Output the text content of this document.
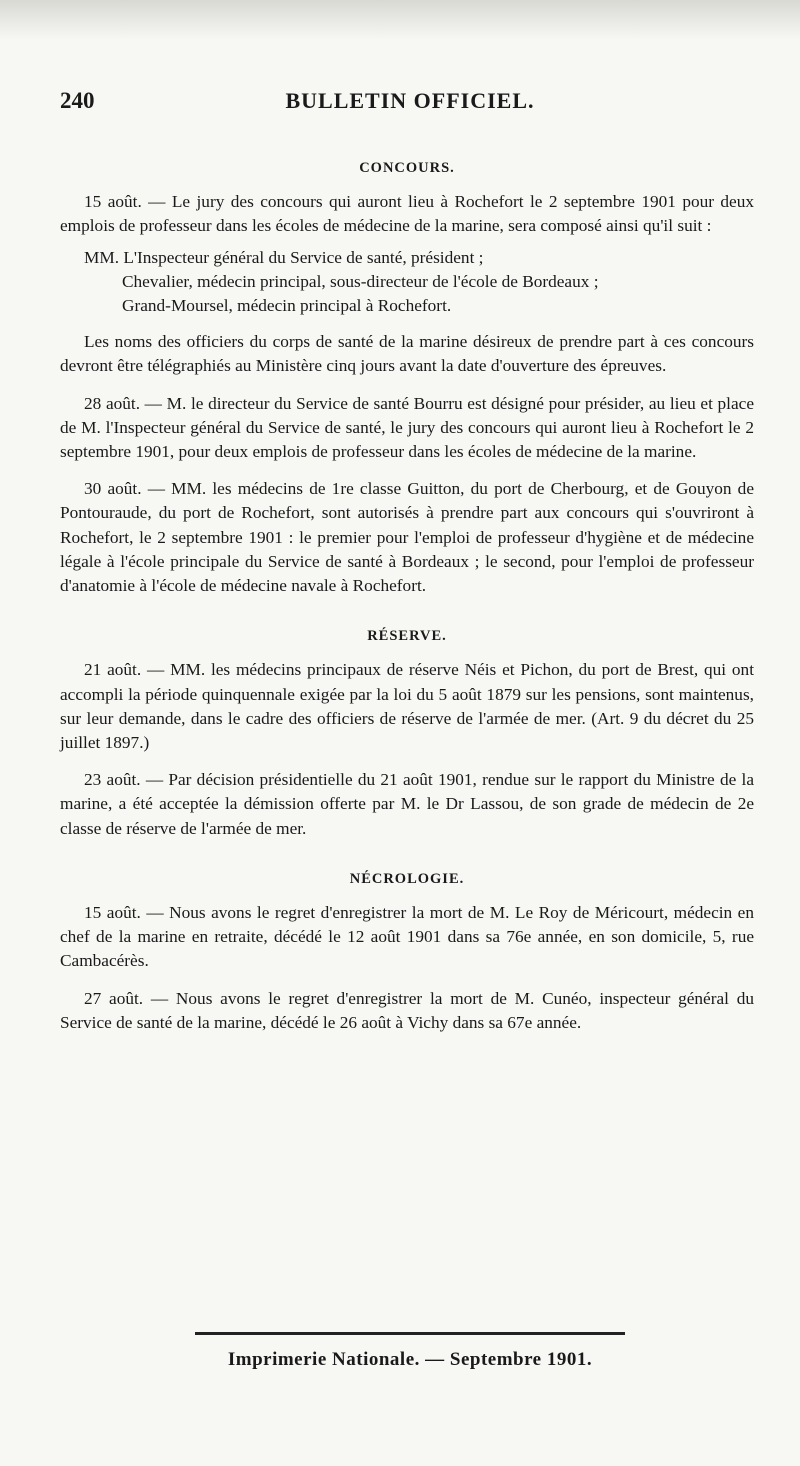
240	BULLETIN OFFICIEL.
CONCOURS.

15 août. — Le jury des concours qui auront lieu à Rochefort le 2 septembre 1901 pour deux emplois de professeur dans les écoles de médecine de la marine, sera composé ainsi qu'il suit :

MM. L'Inspecteur général du Service de santé, président ;

Chevalier, médecin principal, sous-directeur de l'école de Bordeaux ;

Grand-Moursel, médecin principal à Rochefort.

Les noms des officiers du corps de santé de la marine désireux de prendre part à ces concours devront être télégraphiés au Ministère cinq jours avant la date d'ouverture des épreuves.

28 août. — M. le directeur du Service de santé Bourru est désigné pour présider, au lieu et place de M. l'Inspecteur général du Service de santé, le jury des concours qui auront lieu à Rochefort le 2 septembre 1901, pour deux emplois de professeur dans les écoles de médecine de la marine.

30 août. — MM. les médecins de 1re classe Guitton, du port de Cherbourg, et de Gouyon de Pontouraude, du port de Rochefort, sont autorisés à prendre part aux concours qui s'ouvriront à Rochefort, le 2 septembre 1901 : le premier pour l'emploi de professeur d'hygiène et de médecine légale à l'école principale du Service de santé à Bordeaux ; le second, pour l'emploi de professeur d'anatomie à l'école de médecine navale à Rochefort.

RÉSERVE.

21 août. — MM. les médecins principaux de réserve Néis et Pichon, du port de Brest, qui ont accompli la période quinquennale exigée par la loi du 5 août 1879 sur les pensions, sont maintenus, sur leur demande, dans le cadre des officiers de réserve de l'armée de mer. (Art. 9 du décret du 25 juillet 1897.)

23 août. — Par décision présidentielle du 21 août 1901, rendue sur le rapport du Ministre de la marine, a été acceptée la démission offerte par M. le Dr Lassou, de son grade de médecin de 2e classe de réserve de l'armée de mer.

NÉCROLOGIE.

15 août. — Nous avons le regret d'enregistrer la mort de M. Le Roy de Méricourt, médecin en chef de la marine en retraite, décédé le 12 août 1901 dans sa 76e année, en son domicile, 5, rue Cambacérès.

27 août. — Nous avons le regret d'enregistrer la mort de M. Cunéo, inspecteur général du Service de santé de la marine, décédé le 26 août à Vichy dans sa 67e année.

Imprimerie Nationale. — Septembre 1901.
